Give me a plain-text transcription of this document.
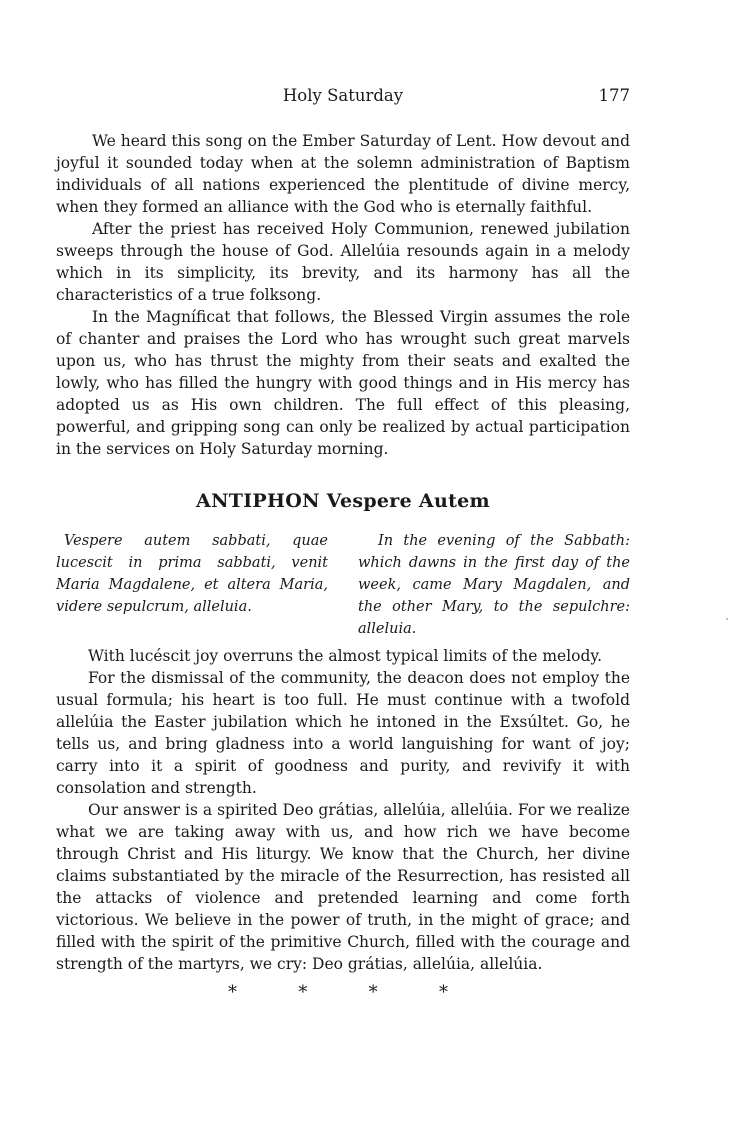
Holy Saturday	177

We heard this song on the Ember Saturday of Lent. How devout and joyful it sounded today when at the solemn administration of Baptism individuals of all nations experienced the plentitude of divine mercy, when they formed an alliance with the God who is eternally faithful.

After the priest has received Holy Communion, renewed jubilation sweeps through the house of God. Allelúia resounds again in a melody which in its simplicity, its brevity, and its harmony has all the characteristics of a true folksong.

In the Magníficat that follows, the Blessed Virgin assumes the role of chanter and praises the Lord who has wrought such great marvels upon us, who has thrust the mighty from their seats and exalted the lowly, who has filled the hungry with good things and in His mercy has adopted us as His own children. The full effect of this pleasing, powerful, and gripping song can only be realized by actual participation in the services on Holy Saturday morning.

ANTIPHON Vespere Autem
Vespere autem sabbati, quae lucescit in prima sabbati, venit Maria Magdalene, et altera Maria, videre sepulcrum, alleluia.
In the evening of the Sabbath: which dawns in the first day of the week, came Mary Magdalen, and the other Mary, to the sepulchre: alleluia.

With lucéscit joy overruns the almost typical limits of the melody.

For the dismissal of the community, the deacon does not employ the usual formula; his heart is too full. He must continue with a twofold allelúia the Easter jubilation which he intoned in the Exsúltet. Go, he tells us, and bring gladness into a world languishing for want of joy; carry into it a spirit of goodness and purity, and revivify it with consolation and strength.

Our answer is a spirited Deo grátias, allelúia, allelúia. For we realize what we are taking away with us, and how rich we have become through Christ and His liturgy. We know that the Church, her divine claims substantiated by the miracle of the Resurrection, has resisted all the attacks of violence and pretended learning and come forth victorious. We believe in the power of truth, in the might of grace; and filled with the spirit of the primitive Church, filled with the courage and strength of the martyrs, we cry: Deo grátias, allelúia, allelúia.

*	*	*	*
